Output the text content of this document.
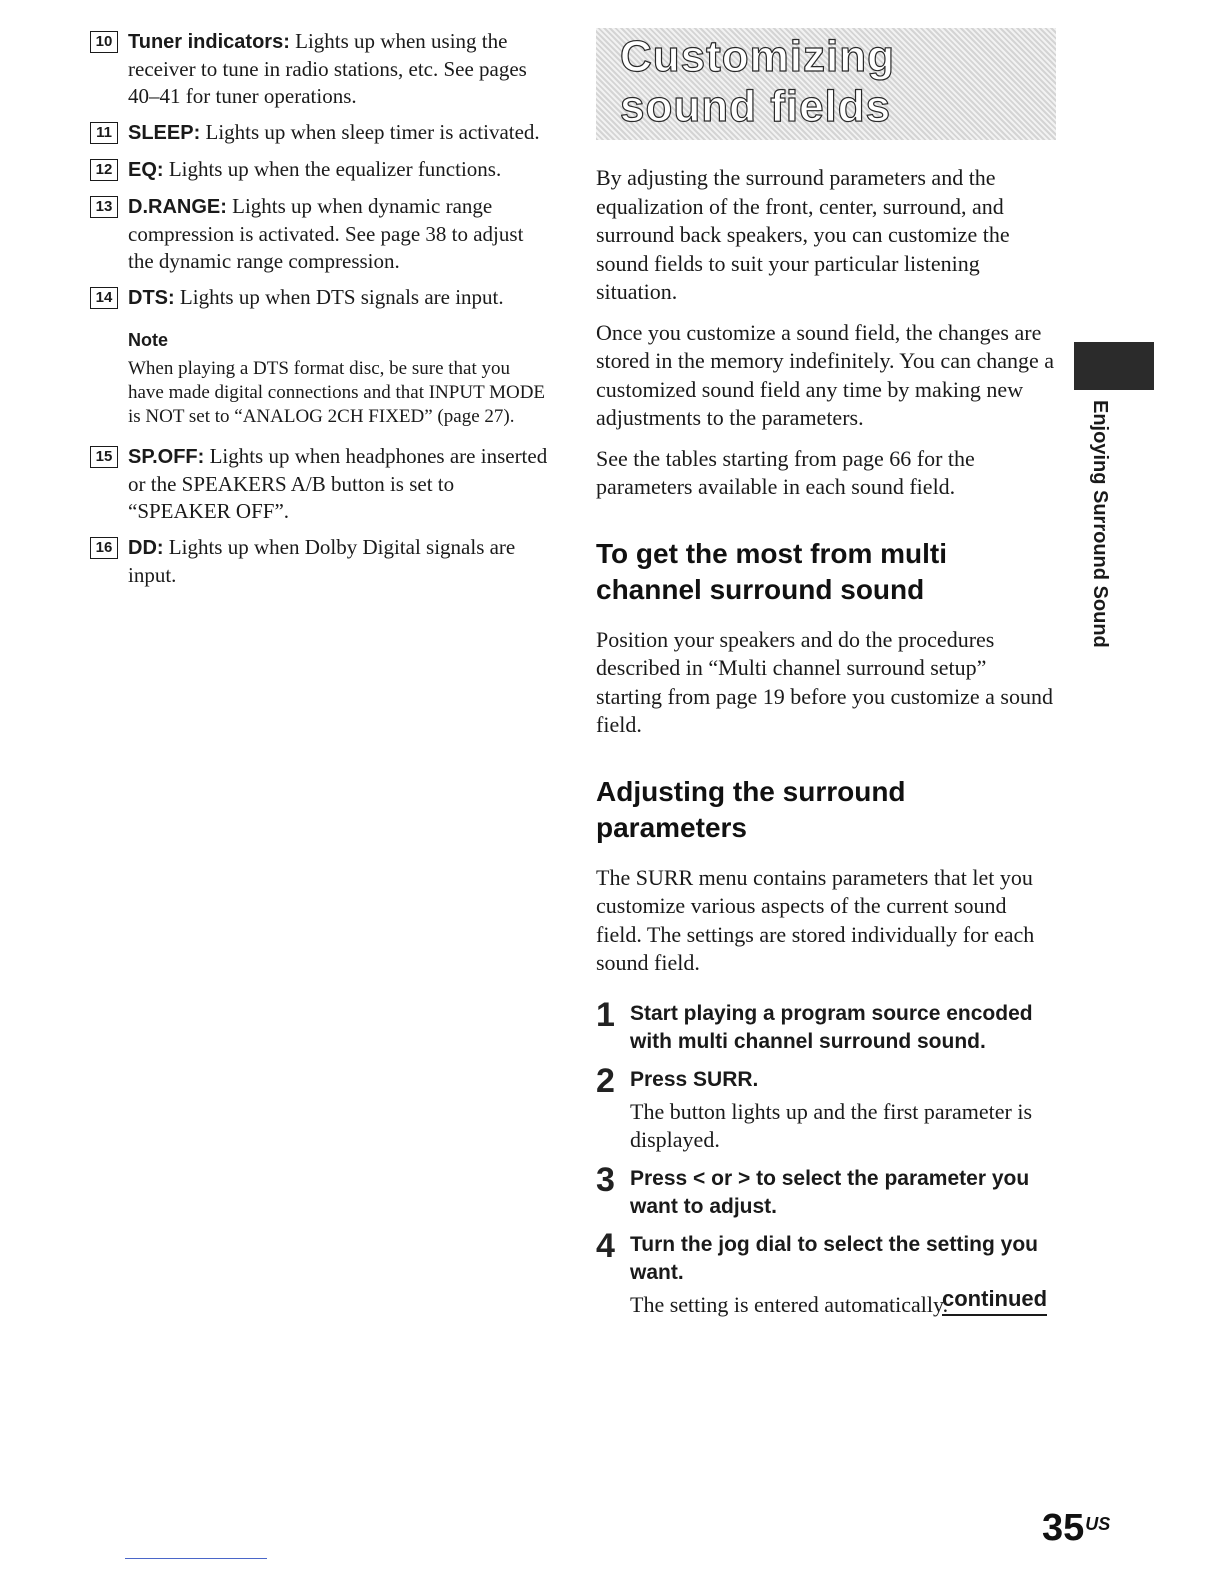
10 Tuner indicators: Lights up when using the receiver to tune in radio stations, etc. See pages 40–41 for tuner operations.
11 SLEEP: Lights up when sleep timer is activated.
12 EQ: Lights up when the equalizer functions.
13 D.RANGE: Lights up when dynamic range compression is activated. See page 38 to adjust the dynamic range compression.
14 DTS: Lights up when DTS signals are input.
Note
When playing a DTS format disc, be sure that you have made digital connections and that INPUT MODE is NOT set to “ANALOG 2CH FIXED” (page 27).
15 SP.OFF: Lights up when headphones are inserted or the SPEAKERS A/B button is set to “SPEAKER OFF”.
16 DD: Lights up when Dolby Digital signals are input.
Customizing sound fields

By adjusting the surround parameters and the equalization of the front, center, surround, and surround back speakers, you can customize the sound fields to suit your particular listening situation.

Once you customize a sound field, the changes are stored in the memory indefinitely. You can change a customized sound field any time by making new adjustments to the parameters.

See the tables starting from page 66 for the parameters available in each sound field.

To get the most from multi channel surround sound

Position your speakers and do the procedures described in “Multi channel surround setup” starting from page 19 before you customize a sound field.

Adjusting the surround parameters

The SURR menu contains parameters that let you customize various aspects of the current sound field. The settings are stored individually for each sound field.

1 Start playing a program source encoded with multi channel surround sound.
2 Press SURR.
The button lights up and the first parameter is displayed.
3 Press < or > to select the parameter you want to adjust.
4 Turn the jog dial to select the setting you want.
The setting is entered automatically.
continued
Enjoying Surround Sound
$35^{US}$
